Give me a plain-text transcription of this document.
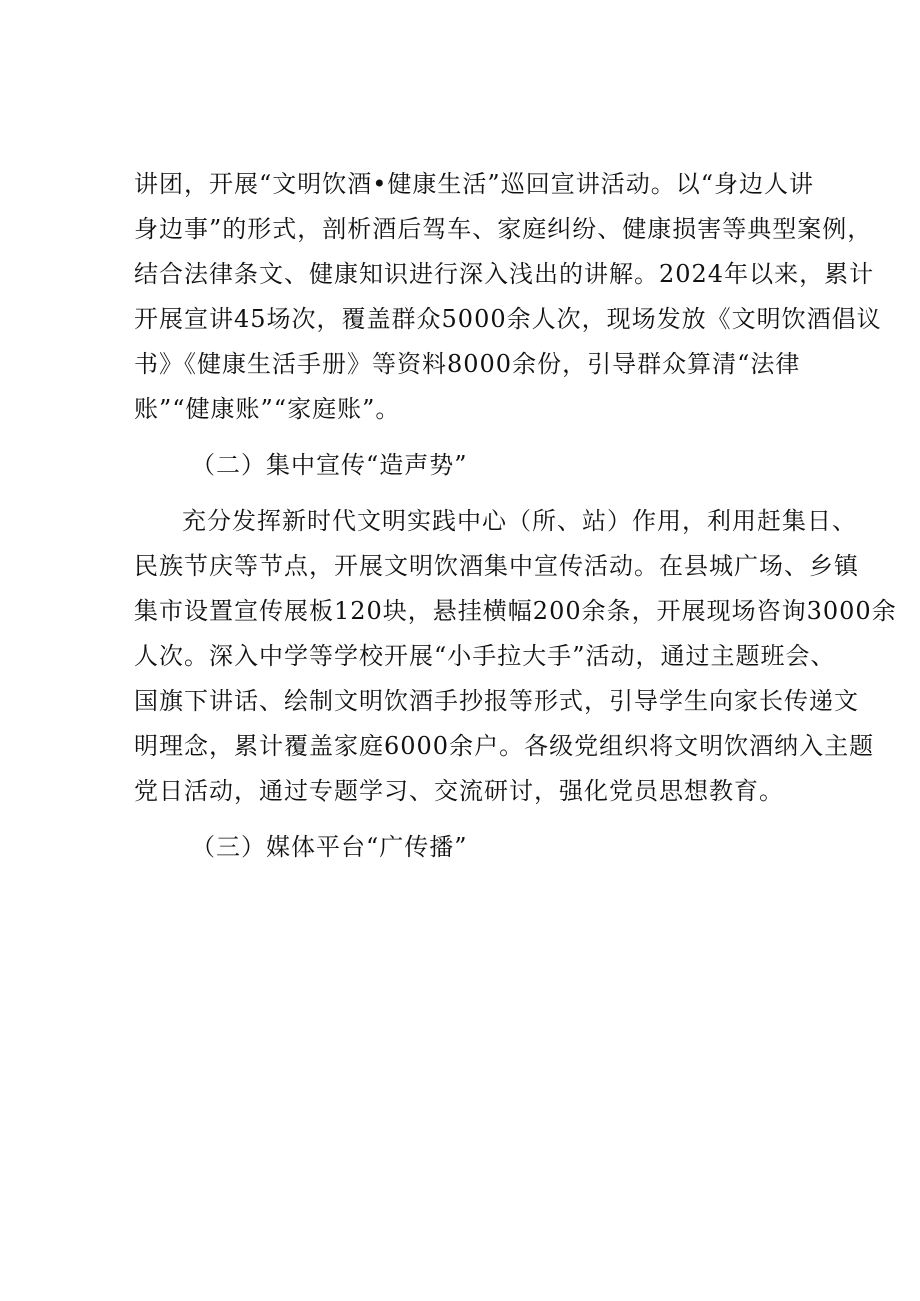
讲团，开展“文明饮酒•健康生活”巡回宣讲活动。以“身边人讲
身边事”的形式，剖析酒后驾车、家庭纠纷、健康损害等典型案例，
结合法律条文、健康知识进行深入浅出的讲解。2024年以来，累计
开展宣讲45场次，覆盖群众5000余人次，现场发放《文明饮酒倡议
书》《健康生活手册》等资料8000余份，引导群众算清“法律
账”“健康账”“家庭账”。
（二）集中宣传“造声势”
充分发挥新时代文明实践中心（所、站）作用，利用赶集日、
民族节庆等节点，开展文明饮酒集中宣传活动。在县城广场、乡镇
集市设置宣传展板120块，悬挂横幅200余条，开展现场咨询3000余
人次。深入中学等学校开展“小手拉大手”活动，通过主题班会、
国旗下讲话、绘制文明饮酒手抄报等形式，引导学生向家长传递文
明理念，累计覆盖家庭6000余户。各级党组织将文明饮酒纳入主题
党日活动，通过专题学习、交流研讨，强化党员思想教育。
（三）媒体平台“广传播”
